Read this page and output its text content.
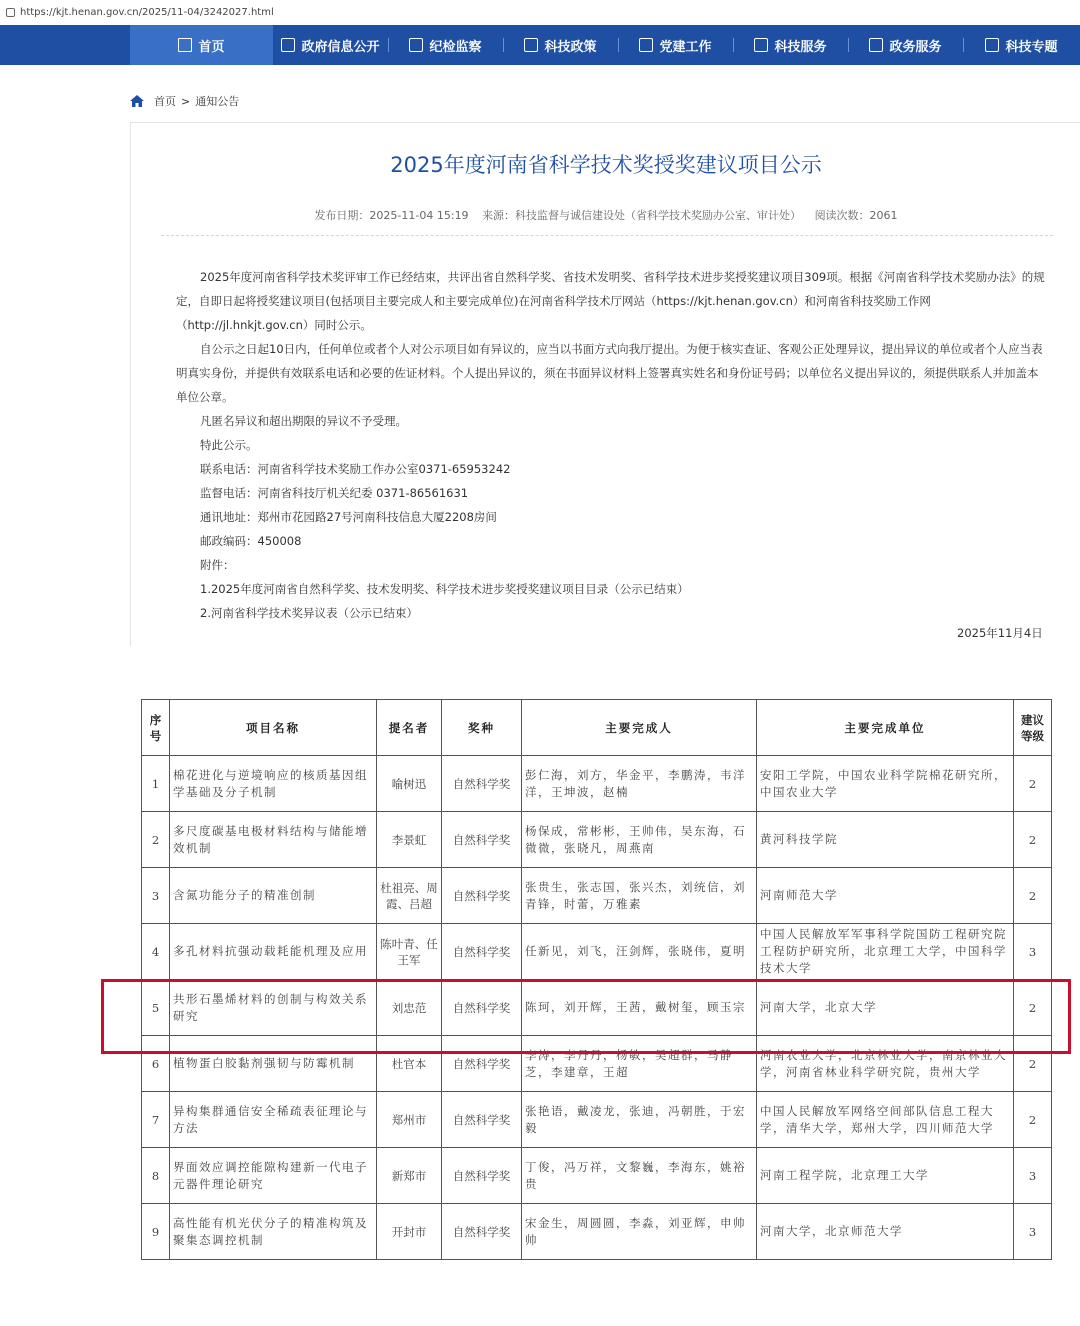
https://kjt.henan.gov.cn/2025/11-04/3242027.html
首页	政府信息公开	纪检监察	科技政策	党建工作	科技服务	政务服务	科技专题
首页 > 通知公告
2025年度河南省科学技术奖授奖建议项目公示
发布日期：2025-11-04 15:19 来源：科技监督与诚信建设处（省科学技术奖励办公室、审计处） 阅读次数：2061

2025年度河南省科学技术奖评审工作已经结束，共评出省自然科学奖、省技术发明奖、省科学技术进步奖授奖建议项目309项。根据《河南省科学技术奖励办法》的规定，自即日起将授奖建议项目(包括项目主要完成人和主要完成单位)在河南省科学技术厅网站（https://kjt.henan.gov.cn）和河南省科技奖励工作网（http://jl.hnkjt.gov.cn）同时公示。

自公示之日起10日内，任何单位或者个人对公示项目如有异议的，应当以书面方式向我厅提出。为便于核实查证、客观公正处理异议，提出异议的单位或者个人应当表明真实身份，并提供有效联系电话和必要的佐证材料。个人提出异议的，须在书面异议材料上签署真实姓名和身份证号码；以单位名义提出异议的，须提供联系人并加盖本单位公章。

凡匿名异议和超出期限的异议不予受理。

特此公示。

联系电话：河南省科学技术奖励工作办公室0371-65953242

监督电话：河南省科技厅机关纪委 0371-86561631

通讯地址：郑州市花园路27号河南科技信息大厦2208房间

邮政编码：450008

附件：

1.2025年度河南省自然科学奖、技术发明奖、科学技术进步奖授奖建议项目目录（公示已结束）

2.河南省科学技术奖异议表（公示已结束）

2025年11月4日
序号	项目名称	提名者	奖种	主要完成人	主要完成单位	建议等级
1	棉花进化与逆境响应的核质基因组学基础及分子机制	喻树迅	自然科学奖	彭仁海，刘方，华金平，李鹏涛，韦洋洋，王坤波，赵楠	安阳工学院，中国农业科学院棉花研究所，中国农业大学	2
2	多尺度碳基电极材料结构与储能增效机制	李景虹	自然科学奖	杨保成，常彬彬，王帅伟，吴东海，石微微，张晓凡，周燕南	黄河科技学院	2
3	含氮功能分子的精准创制	杜祖亮、周霞、吕超	自然科学奖	张贵生，张志国，张兴杰，刘统信，刘青锋，时蕾，万雅素	河南师范大学	2
4	多孔材料抗强动载耗能机理及应用	陈叶青、任王军	自然科学奖	任新见，刘飞，汪剑辉，张晓伟，夏明	中国人民解放军军事科学院国防工程研究院工程防护研究所，北京理工大学，中国科学技术大学	3
5	共形石墨烯材料的创制与构效关系研究	刘忠范	自然科学奖	陈珂，刘开辉，王茜，戴树玺，顾玉宗	河南大学，北京大学	2
6	植物蛋白胶黏剂强韧与防霉机制	杜官本	自然科学奖	李涛，李丹丹，杨敏，吴超群，马静芝，李建章，王超	河南农业大学，北京林业大学，南京林业大学，河南省林业科学研究院，贵州大学	2
7	异构集群通信安全稀疏表征理论与方法	郑州市	自然科学奖	张艳语，戴凌龙，张迪，冯朝胜，于宏毅	中国人民解放军网络空间部队信息工程大学，清华大学，郑州大学，四川师范大学	2
8	界面效应调控能隙构建新一代电子元器件理论研究	新郑市	自然科学奖	丁俊，冯万祥，文黎巍，李海东，姚裕贵	河南工程学院，北京理工大学	3
9	高性能有机光伏分子的精准构筑及聚集态调控机制	开封市	自然科学奖	宋金生，周圆圆，李淼，刘亚辉，申帅帅	河南大学，北京师范大学	3
